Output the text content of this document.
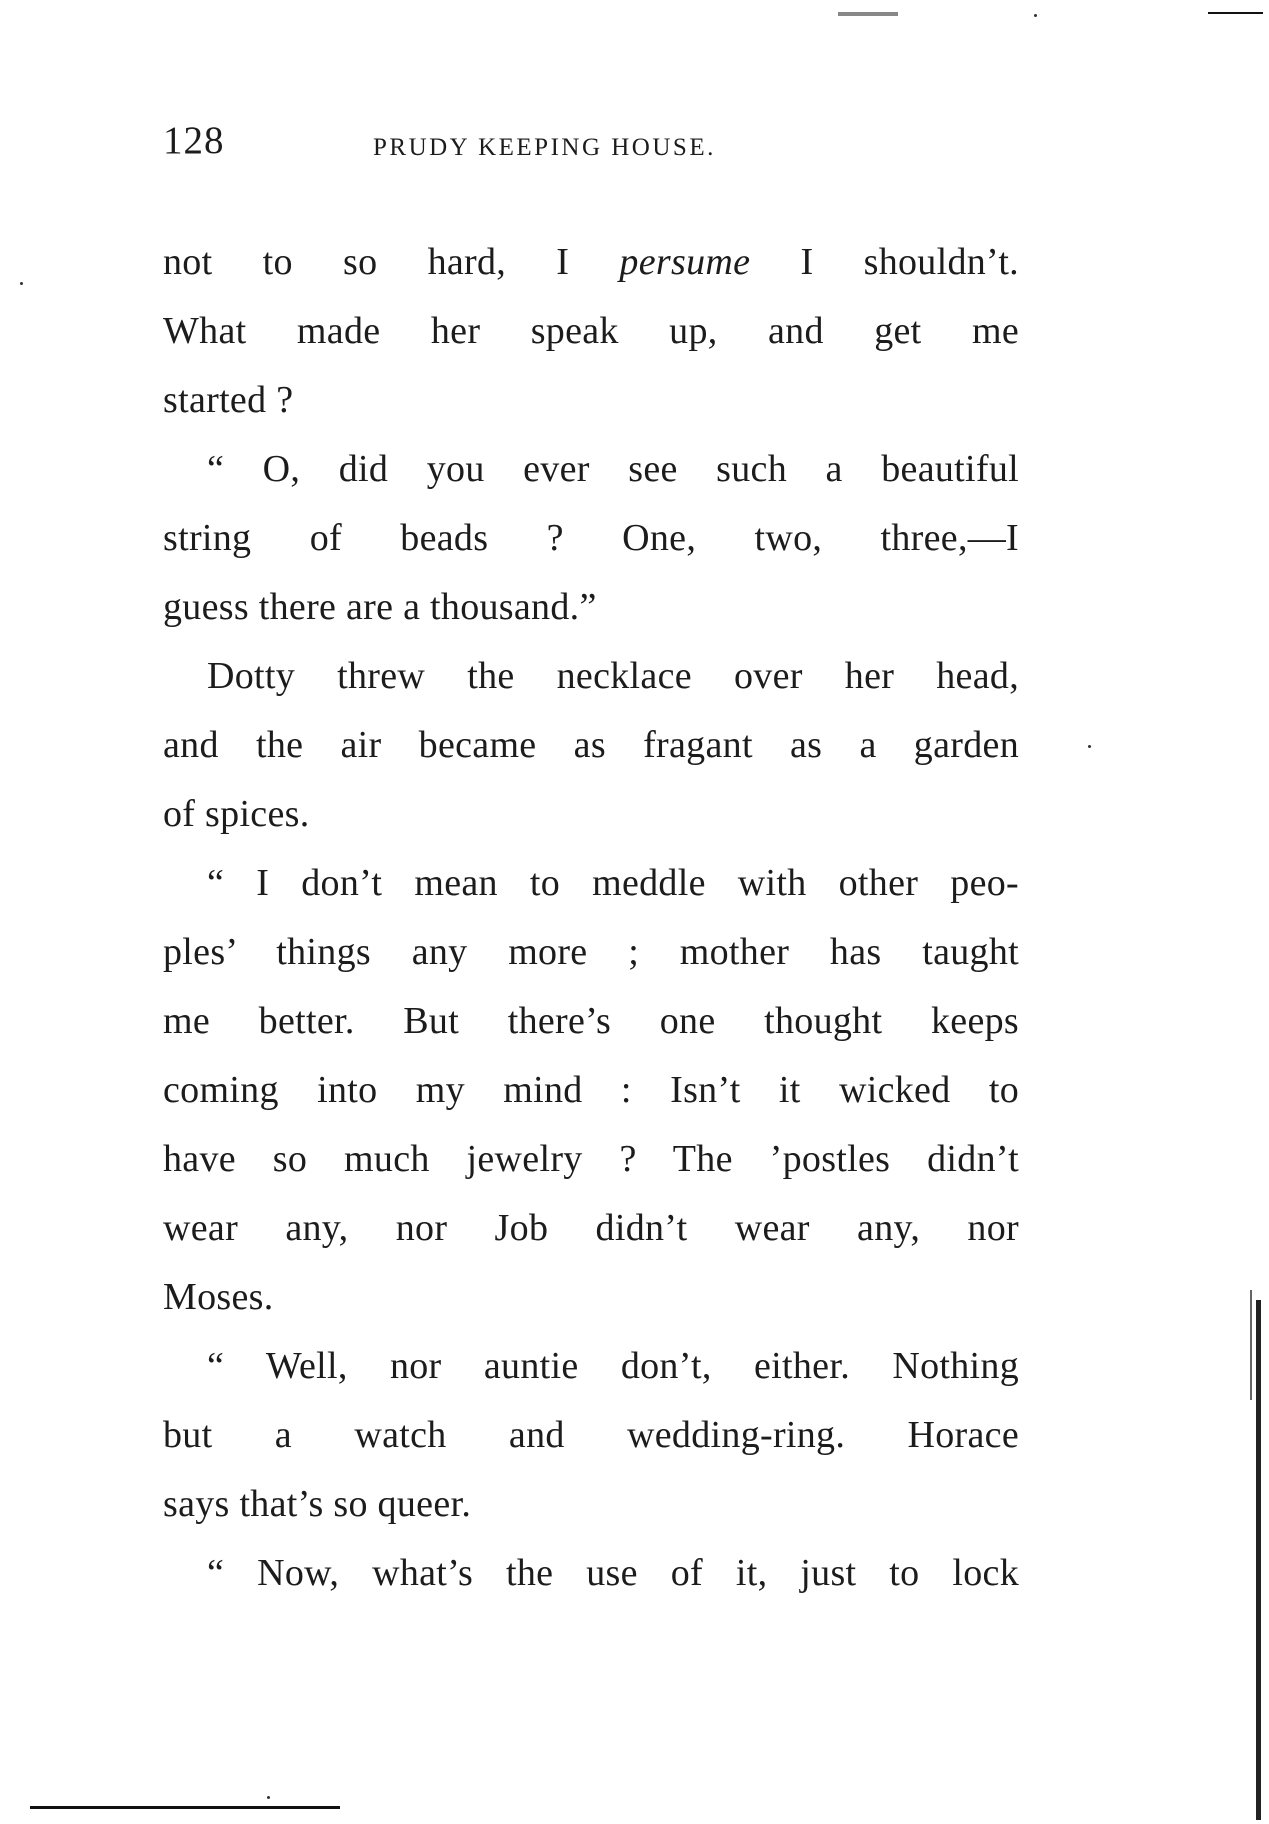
128	PRUDY KEEPING HOUSE.
not to so hard, I persume I shouldn’t.
What made her speak up, and get me
started ?
“ O, did you ever see such a beautiful
string of beads ? One, two, three,—I
guess there are a thousand.”
Dotty threw the necklace over her head,
and the air became as fragant as a garden
of spices.
“ I don’t mean to meddle with other peo-
ples’ things any more ; mother has taught
me better. But there’s one thought keeps
coming into my mind : Isn’t it wicked to
have so much jewelry ? The ’postles didn’t
wear any, nor Job didn’t wear any, nor
Moses.
“ Well, nor auntie don’t, either. Nothing
but a watch and wedding-ring. Horace
says that’s so queer.
“ Now, what’s the use of it, just to lock
